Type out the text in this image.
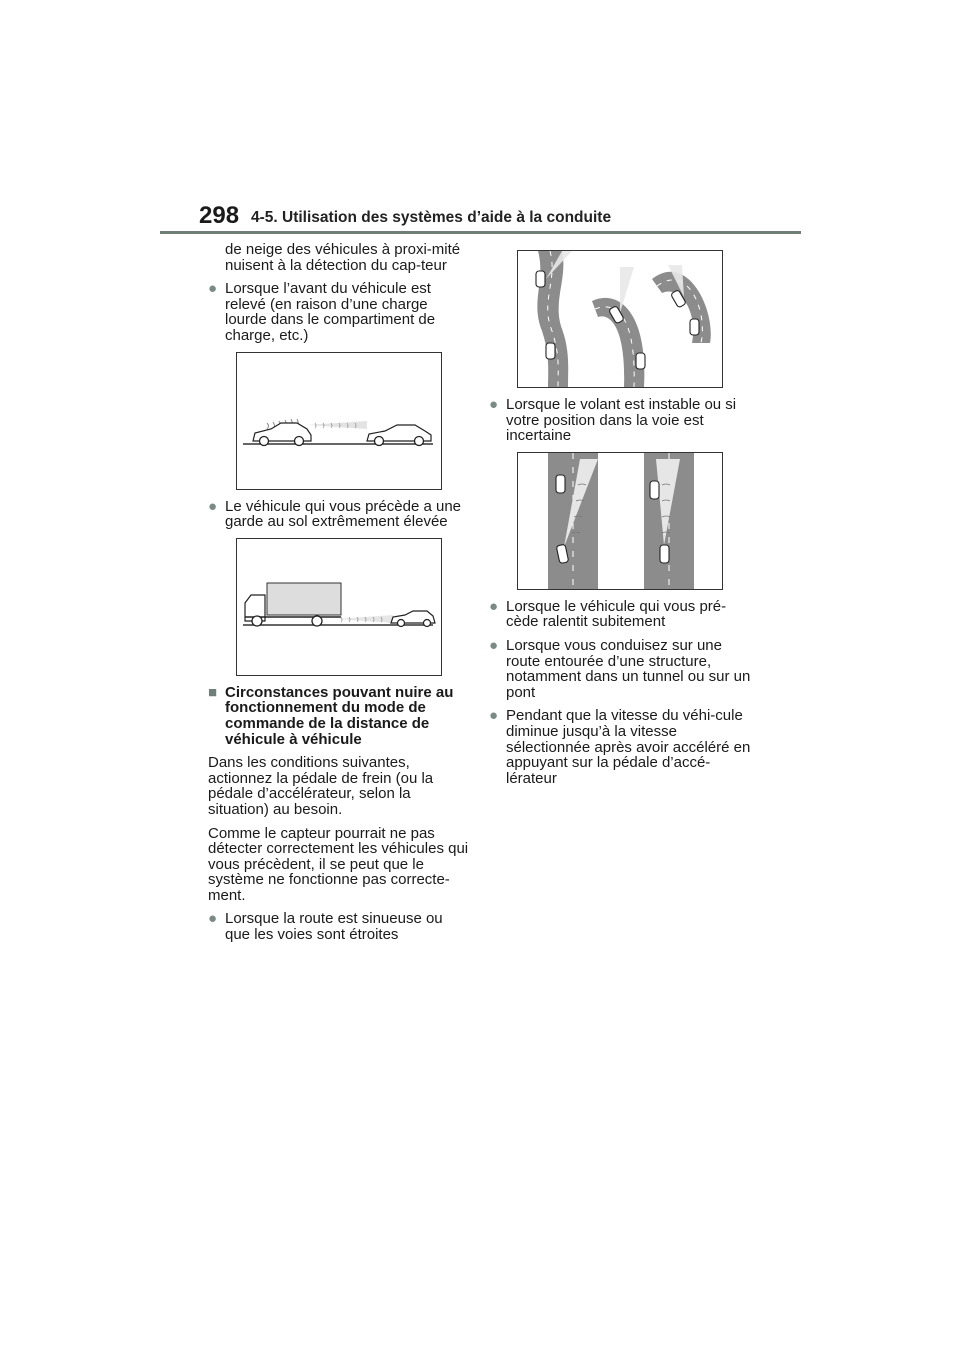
298 4-5. Utilisation des systèmes d’aide à la conduite

de neige des véhicules à proxi-mité nuisent à la détection du cap-teur

● Lorsque l’avant du véhicule est relevé (en raison d’une charge lourde dans le compartiment de charge, etc.)
● Le véhicule qui vous précède a une garde au sol extrêmement élevée
■ Circonstances pouvant nuire au fonctionnement du mode de commande de la distance de véhicule à véhicule

Dans les conditions suivantes, actionnez la pédale de frein (ou la pédale d’accélérateur, selon la situation) au besoin.

Comme le capteur pourrait ne pas détecter correctement les véhicules qui vous précèdent, il se peut que le système ne fonctionne pas correcte-ment.

● Lorsque la route est sinueuse ou que les voies sont étroites
● Lorsque le volant est instable ou si votre position dans la voie est incertaine
● Lorsque le véhicule qui vous pré-cède ralentit subitement
● Lorsque vous conduisez sur une route entourée d’une structure, notamment dans un tunnel ou sur un pont
● Pendant que la vitesse du véhi-cule diminue jusqu’à la vitesse sélectionnée après avoir accéléré en appuyant sur la pédale d’accé-lérateur
